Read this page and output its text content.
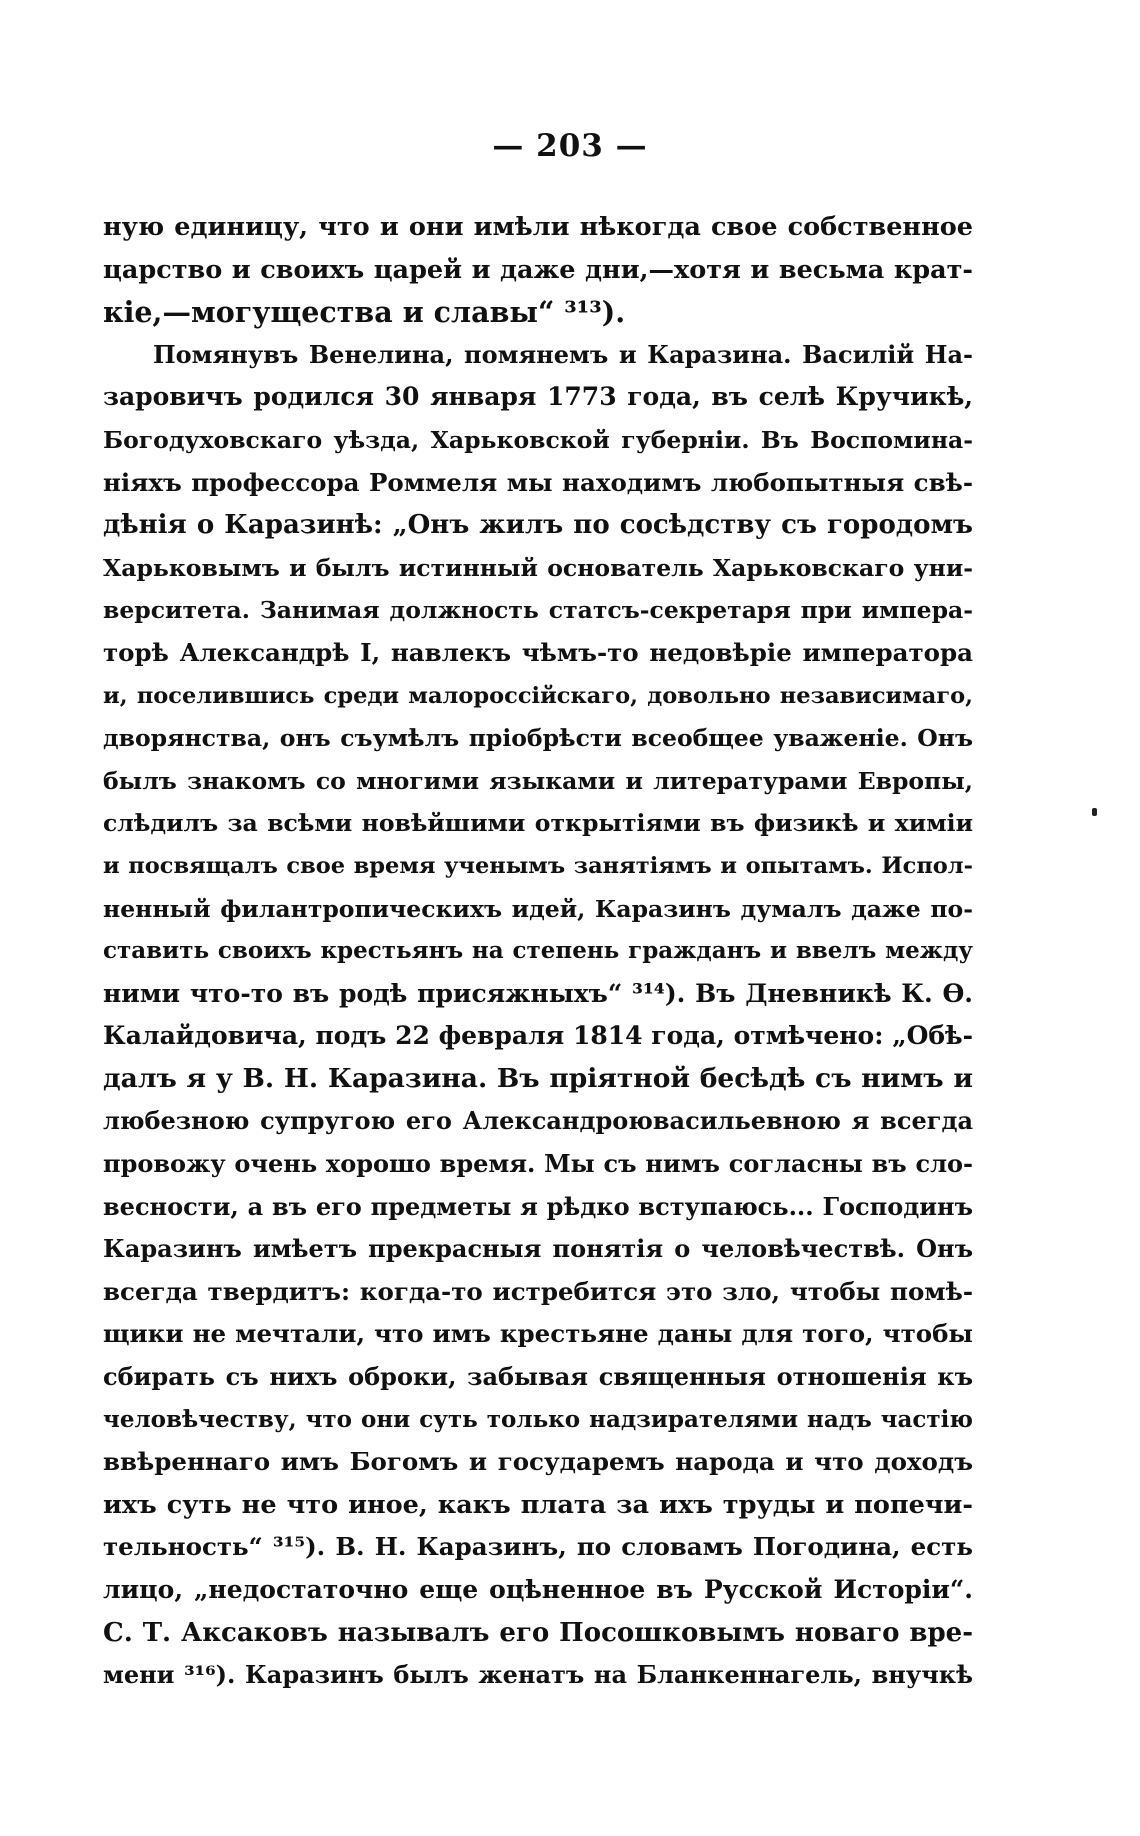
— 203 —
ную единицу, что и они имѣли нѣкогда свое собственное
царство и своихъ царей и даже дни,—хотя и весьма крат-
кіе,—могущества и славы“ ³¹³).
Помянувъ Венелина, помянемъ и Каразина. Василій На-
заровичъ родился 30 января 1773 года, въ селѣ Кручикѣ,
Богодуховскаго уѣзда, Харьковской губерніи. Въ Воспомина-
ніяхъ профессора Роммеля мы находимъ любопытныя свѣ-
дѣнія о Каразинѣ: „Онъ жилъ по сосѣдству съ городомъ
Харьковымъ и былъ истинный основатель Харьковскаго уни-
верситета. Занимая должность статсъ-секретаря при импера-
торѣ Александрѣ I, навлекъ чѣмъ-то недовѣріе императора
и, поселившись среди малороссійскаго, довольно независимаго,
дворянства, онъ съумѣлъ пріобрѣсти всеобщее уваженіе. Онъ
былъ знакомъ со многими языками и литературами Европы,
слѣдилъ за всѣми новѣйшими открытіями въ физикѣ и химіи
и посвящалъ свое время ученымъ занятіямъ и опытамъ. Испол-
ненный филантропическихъ идей, Каразинъ думалъ даже по-
ставить своихъ крестьянъ на степень гражданъ и ввелъ между
ними что-то въ родѣ присяжныхъ“ ³¹⁴). Въ Дневникѣ К. Ѳ.
Калайдовича, подъ 22 февраля 1814 года, отмѣчено: „Обѣ-
далъ я у В. Н. Каразина. Въ пріятной бесѣдѣ съ нимъ и
любезною супругою его Александроювасильевною я всегда
провожу очень хорошо время. Мы съ нимъ согласны въ сло-
весности, а въ его предметы я рѣдко вступаюсь... Господинъ
Каразинъ имѣетъ прекрасныя понятія о человѣчествѣ. Онъ
всегда твердитъ: когда-то истребится это зло, чтобы помѣ-
щики не мечтали, что имъ крестьяне даны для того, чтобы
сбирать съ нихъ оброки, забывая священныя отношенія къ
человѣчеству, что они суть только надзирателями надъ частію
ввѣреннаго имъ Богомъ и государемъ народа и что доходъ
ихъ суть не что иное, какъ плата за ихъ труды и попечи-
тельность“ ³¹⁵). В. Н. Каразинъ, по словамъ Погодина, есть
лицо, „недостаточно еще оцѣненное въ Русской Исторіи“.
С. Т. Аксаковъ называлъ его Посошковымъ новаго вре-
мени ³¹⁶). Каразинъ былъ женатъ на Бланкеннагель, внучкѣ
